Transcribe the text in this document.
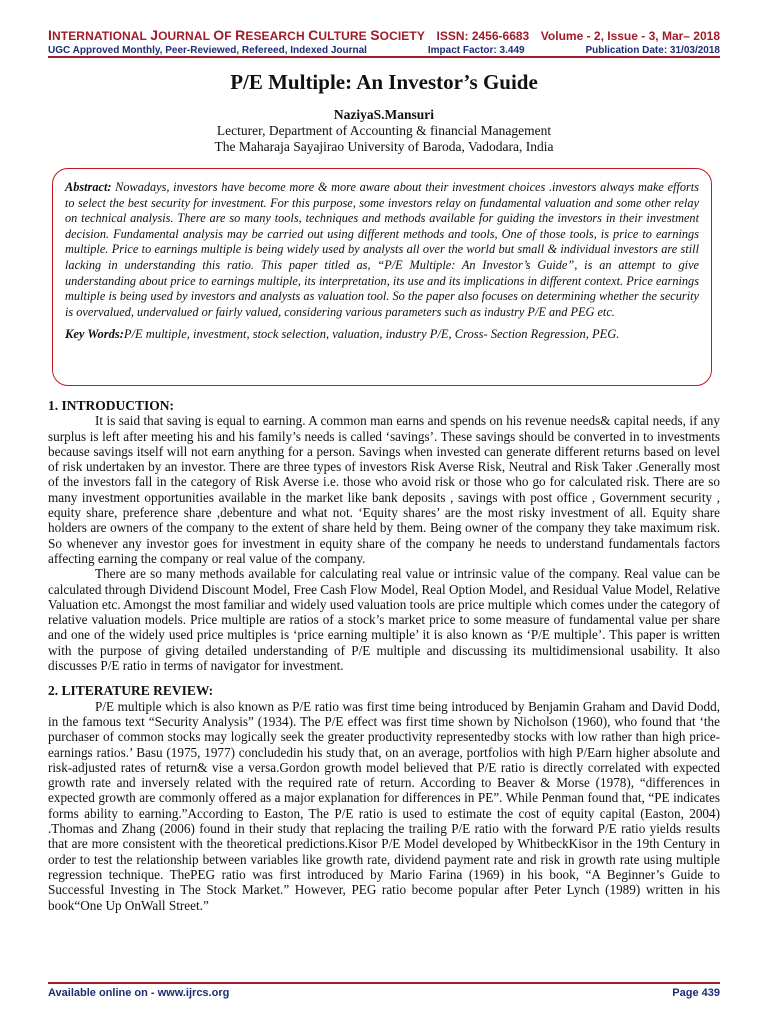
INTERNATIONAL JOURNAL OF RESEARCH CULTURE SOCIETY ISSN: 2456-6683 Volume - 2, Issue - 3, Mar– 2018
UGC Approved Monthly, Peer-Reviewed, Refereed, Indexed Journal	Impact Factor: 3.449	Publication Date: 31/03/2018
P/E Multiple: An Investor’s Guide
NaziyaS.Mansuri
Lecturer, Department of Accounting & financial Management
The Maharaja Sayajirao University of Baroda, Vadodara, India
Abstract: Nowadays, investors have become more & more aware about their investment choices .investors always make efforts to select the best security for investment. For this purpose, some investors relay on fundamental valuation and some other relay on technical analysis. There are so many tools, techniques and methods available for guiding the investors in their investment decision. Fundamental analysis may be carried out using different methods and tools, One of those tools, is price to earnings multiple. Price to earnings multiple is being widely used by analysts all over the world but small & individual investors are still lacking in understanding this ratio. This paper titled as, “P/E Multiple: An Investor’s Guide”, is an attempt to give understanding about price to earnings multiple, its interpretation, its use and its implications in different context. Price earnings multiple is being used by investors and analysts as valuation tool. So the paper also focuses on determining whether the security is overvalued, undervalued or fairly valued, considering various parameters such as industry P/E and PEG etc.
Key Words:P/E multiple, investment, stock selection, valuation, industry P/E, Cross- Section Regression, PEG.
1. INTRODUCTION:

It is said that saving is equal to earning. A common man earns and spends on his revenue needs& capital needs, if any surplus is left after meeting his and his family’s needs is called ‘savings’. These savings should be converted in to investments because savings itself will not earn anything for a person. Savings when invested can generate different returns based on level of risk undertaken by an investor. There are three types of investors Risk Averse Risk, Neutral and Risk Taker .Generally most of the investors fall in the category of Risk Averse i.e. those who avoid risk or those who go for calculated risk. There are so many investment opportunities available in the market like bank deposits , savings with post office , Government security , equity share, preference share ,debenture and what not. ‘Equity shares’ are the most risky investment of all. Equity share holders are owners of the company to the extent of share held by them. Being owner of the company they take maximum risk. So whenever any investor goes for investment in equity share of the company he needs to understand fundamentals factors affecting earning the company or real value of the company.

There are so many methods available for calculating real value or intrinsic value of the company. Real value can be calculated through Dividend Discount Model, Free Cash Flow Model, Real Option Model, and Residual Value Model, Relative Valuation etc. Amongst the most familiar and widely used valuation tools are price multiple which comes under the category of relative valuation models. Price multiple are ratios of a stock’s market price to some measure of fundamental value per share and one of the widely used price multiples is ‘price earning multiple’ it is also known as ‘P/E multiple’. This paper is written with the purpose of giving detailed understanding of P/E multiple and discussing its multidimensional usability. It also discusses P/E ratio in terms of navigator for investment.

2. LITERATURE REVIEW:

P/E multiple which is also known as P/E ratio was first time being introduced by Benjamin Graham and David Dodd, in the famous text “Security Analysis” (1934). The P/E effect was first time shown by Nicholson (1960), who found that ‘the purchaser of common stocks may logically seek the greater productivity representedby stocks with low rather than high price-earnings ratios.’ Basu (1975, 1977) concludedin his study that, on an average, portfolios with high P/Earn higher absolute and risk-adjusted rates of return& vise a versa.Gordon growth model believed that P/E ratio is directly correlated with expected growth rate and inversely related with the required rate of return. According to Beaver & Morse (1978), “differences in expected growth are commonly offered as a major explanation for differences in PE”. While Penman found that, “PE indicates forms ability to earning.”According to Easton, The P/E ratio is used to estimate the cost of equity capital (Easton, 2004) .Thomas and Zhang (2006) found in their study that replacing the trailing P/E ratio with the forward P/E ratio yields results that are more consistent with the theoretical predictions.Kisor P/E Model developed by WhitbeckKisor in the 19th Century in order to test the relationship between variables like growth rate, dividend payment rate and risk in growth rate using multiple regression technique. ThePEG ratio was first introduced by Mario Farina (1969) in his book, “A Beginner’s Guide to Successful Investing in The Stock Market.” However, PEG ratio become popular after Peter Lynch (1989) written in his book“One Up OnWall Street.”

Available online on - www.ijrcs.org	Page 439
